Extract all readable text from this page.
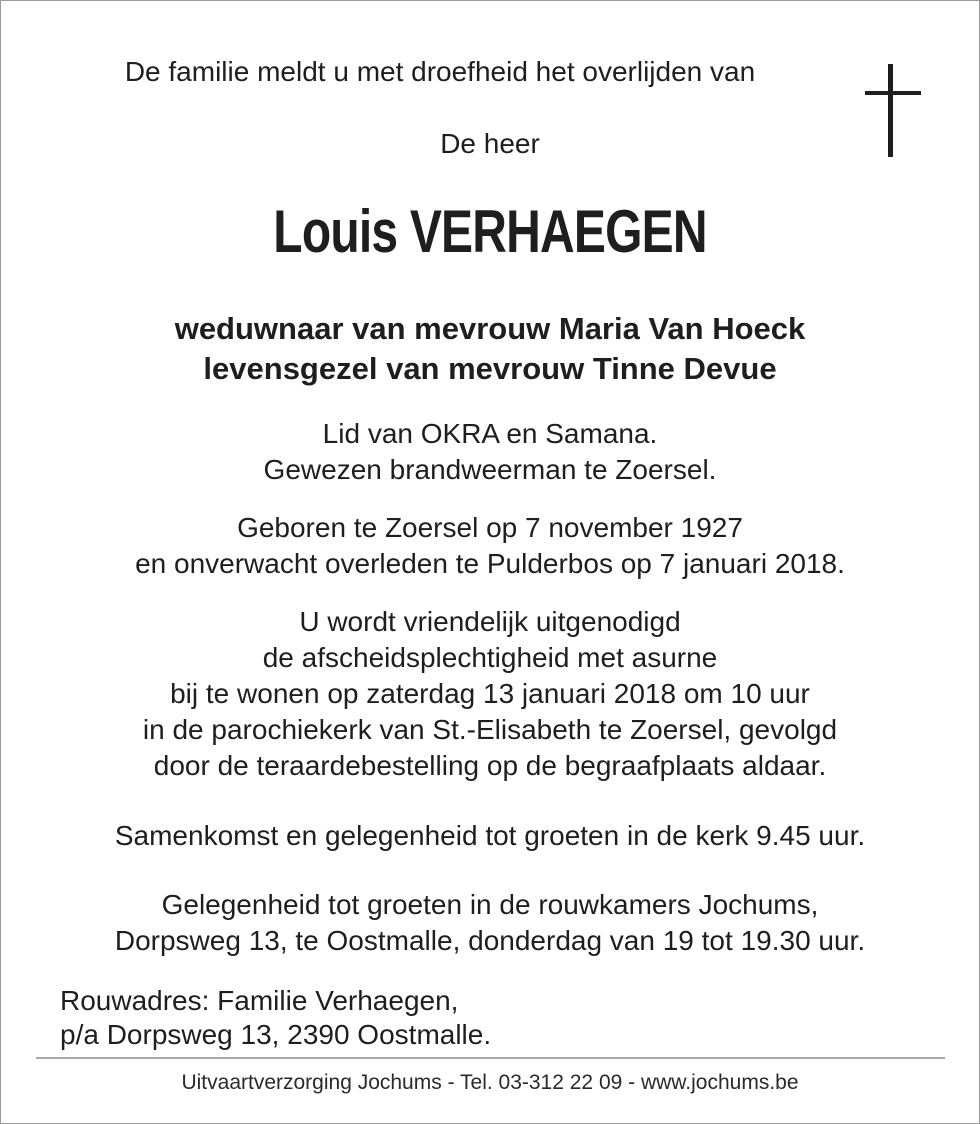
De familie meldt u met droefheid het overlijden van
De heer
Louis VERHAEGEN
weduwnaar van mevrouw Maria Van Hoeck
levensgezel van mevrouw Tinne Devue
Lid van OKRA en Samana.
Gewezen brandweerman te Zoersel.
Geboren te Zoersel op 7 november 1927
en onverwacht overleden te Pulderbos op 7 januari 2018.
U wordt vriendelijk uitgenodigd
de afscheidsplechtigheid met asurne
bij te wonen op zaterdag 13 januari 2018 om 10 uur
in de parochiekerk van St.-Elisabeth te Zoersel, gevolgd
door de teraardebestelling op de begraafplaats aldaar.
Samenkomst en gelegenheid tot groeten in de kerk 9.45 uur.
Gelegenheid tot groeten in de rouwkamers Jochums,
Dorpsweg 13, te Oostmalle, donderdag van 19 tot 19.30 uur.
Rouwadres: Familie Verhaegen,
p/a Dorpsweg 13, 2390 Oostmalle.
Uitvaartverzorging Jochums - Tel. 03-312 22 09 - www.jochums.be
